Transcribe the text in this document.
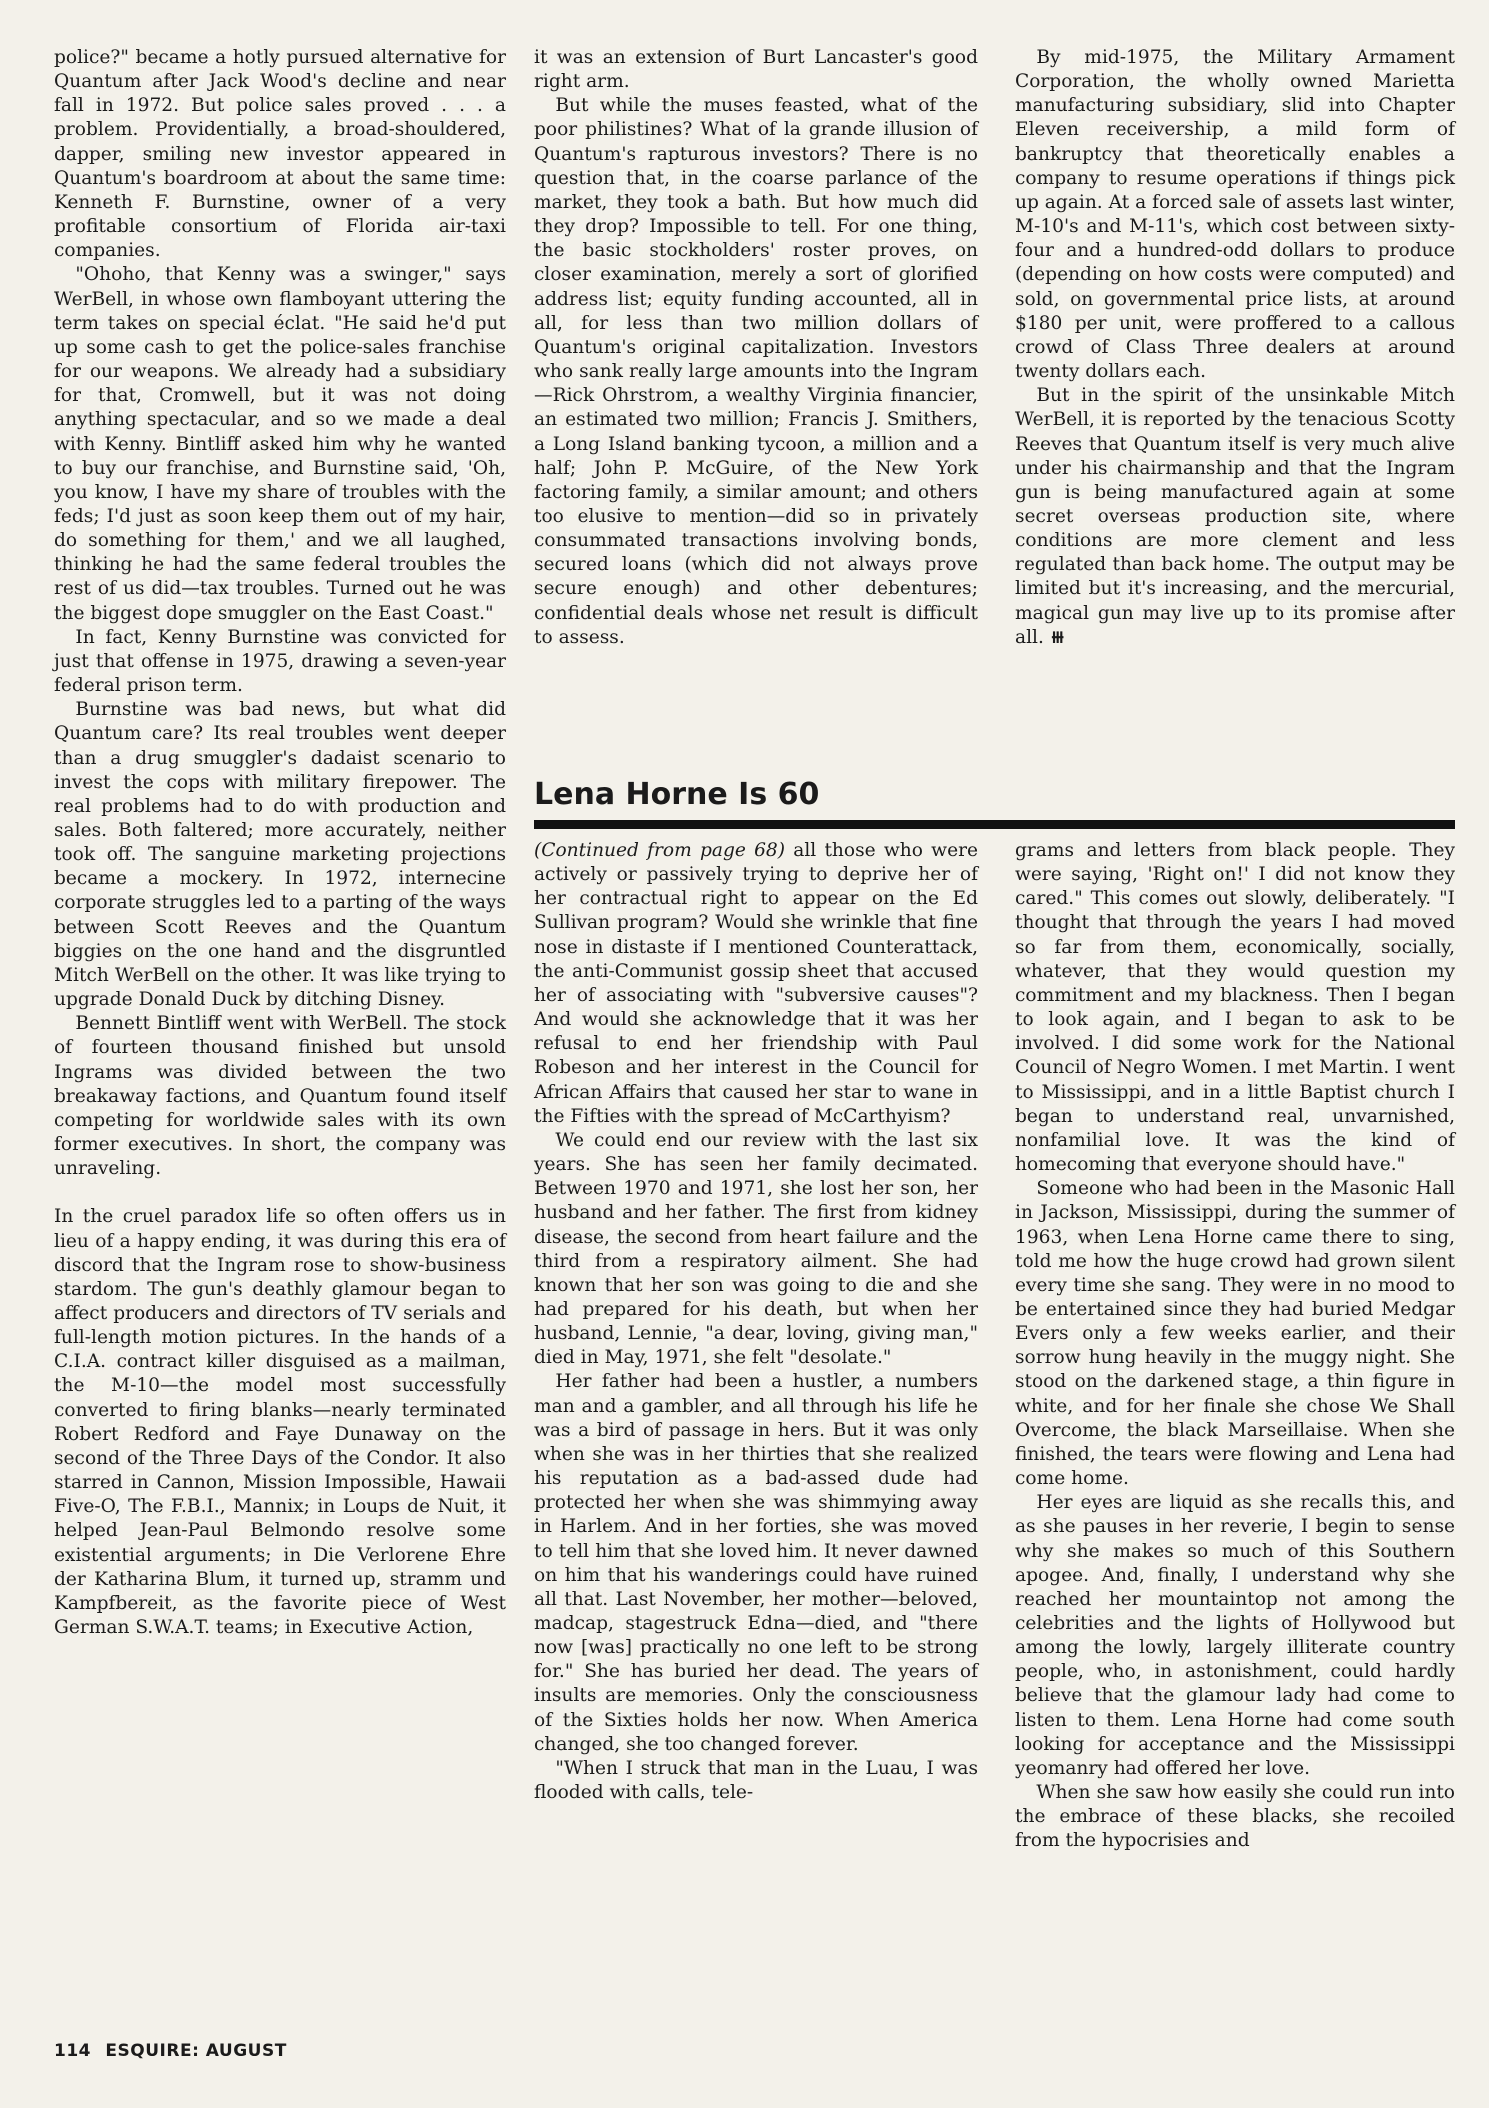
police?" became a hotly pursued alternative for Quantum after Jack Wood's decline and near fall in 1972. But police sales proved . . . a problem. Providentially, a broad-shouldered, dapper, smiling new investor appeared in Quantum's boardroom at about the same time: Kenneth F. Burnstine, owner of a very profitable consortium of Florida air-taxi companies.

"Ohoho, that Kenny was a swinger," says WerBell, in whose own flamboyant uttering the term takes on special éclat. "He said he'd put up some cash to get the police-sales franchise for our weapons. We already had a subsidiary for that, Cromwell, but it was not doing anything spectacular, and so we made a deal with Kenny. Bintliff asked him why he wanted to buy our franchise, and Burnstine said, 'Oh, you know, I have my share of troubles with the feds; I'd just as soon keep them out of my hair, do something for them,' and we all laughed, thinking he had the same federal troubles the rest of us did—tax troubles. Turned out he was the biggest dope smuggler on the East Coast."

In fact, Kenny Burnstine was convicted for just that offense in 1975, drawing a seven-year federal prison term.

Burnstine was bad news, but what did Quantum care? Its real troubles went deeper than a drug smuggler's dadaist scenario to invest the cops with military firepower. The real problems had to do with production and sales. Both faltered; more accurately, neither took off. The sanguine marketing projections became a mockery. In 1972, internecine corporate struggles led to a parting of the ways between Scott Reeves and the Quantum biggies on the one hand and the disgruntled Mitch WerBell on the other. It was like trying to upgrade Donald Duck by ditching Disney.

Bennett Bintliff went with WerBell. The stock of fourteen thousand finished but unsold Ingrams was divided between the two breakaway factions, and Quantum found itself competing for worldwide sales with its own former executives. In short, the company was unraveling.

In the cruel paradox life so often offers us in lieu of a happy ending, it was during this era of discord that the Ingram rose to show-business stardom. The gun's deathly glamour began to affect producers and directors of TV serials and full-length motion pictures. In the hands of a C.I.A. contract killer disguised as a mailman, the M-10—the model most successfully converted to firing blanks—nearly terminated Robert Redford and Faye Dunaway on the second of the Three Days of the Condor. It also starred in Cannon, Mission Impossible, Hawaii Five-O, The F.B.I., Mannix; in Loups de Nuit, it helped Jean-Paul Belmondo resolve some existential arguments; in Die Verlorene Ehre der Katharina Blum, it turned up, stramm und Kampfbereit, as the favorite piece of West German S.W.A.T. teams; in Executive Action,

it was an extension of Burt Lancaster's good right arm.

But while the muses feasted, what of the poor philistines? What of la grande illusion of Quantum's rapturous investors? There is no question that, in the coarse parlance of the market, they took a bath. But how much did they drop? Impossible to tell. For one thing, the basic stockholders' roster proves, on closer examination, merely a sort of glorified address list; equity funding accounted, all in all, for less than two million dollars of Quantum's original capitalization. Investors who sank really large amounts into the Ingram—Rick Ohrstrom, a wealthy Virginia financier, an estimated two million; Francis J. Smithers, a Long Island banking tycoon, a million and a half; John P. McGuire, of the New York factoring family, a similar amount; and others too elusive to mention—did so in privately consummated transactions involving bonds, secured loans (which did not always prove secure enough) and other debentures; confidential deals whose net result is difficult to assess.

By mid-1975, the Military Armament Corporation, the wholly owned Marietta manufacturing subsidiary, slid into Chapter Eleven receivership, a mild form of bankruptcy that theoretically enables a company to resume operations if things pick up again. At a forced sale of assets last winter, M-10's and M-11's, which cost between sixty-four and a hundred-odd dollars to produce (depending on how costs were computed) and sold, on governmental price lists, at around $180 per unit, were proffered to a callous crowd of Class Three dealers at around twenty dollars each.

But in the spirit of the unsinkable Mitch WerBell, it is reported by the tenacious Scotty Reeves that Quantum itself is very much alive under his chairmanship and that the Ingram gun is being manufactured again at some secret overseas production site, where conditions are more clement and less regulated than back home. The output may be limited but it's increasing, and the mercurial, magical gun may live up to its promise after all. ⧻

Lena Horne Is 60

(Continued from page 68) all those who were actively or passively trying to deprive her of her contractual right to appear on the Ed Sullivan program? Would she wrinkle that fine nose in distaste if I mentioned Counterattack, the anti-Communist gossip sheet that accused her of associating with "subversive causes"? And would she acknowledge that it was her refusal to end her friendship with Paul Robeson and her interest in the Council for African Affairs that caused her star to wane in the Fifties with the spread of McCarthyism?

We could end our review with the last six years. She has seen her family decimated. Between 1970 and 1971, she lost her son, her husband and her father. The first from kidney disease, the second from heart failure and the third from a respiratory ailment. She had known that her son was going to die and she had prepared for his death, but when her husband, Lennie, "a dear, loving, giving man," died in May, 1971, she felt "desolate."

Her father had been a hustler, a numbers man and a gambler, and all through his life he was a bird of passage in hers. But it was only when she was in her thirties that she realized his reputation as a bad-assed dude had protected her when she was shimmying away in Harlem. And in her forties, she was moved to tell him that she loved him. It never dawned on him that his wanderings could have ruined all that. Last November, her mother—beloved, madcap, stagestruck Edna—died, and "there now [was] practically no one left to be strong for." She has buried her dead. The years of insults are memories. Only the consciousness of the Sixties holds her now. When America changed, she too changed forever.

"When I struck that man in the Luau, I was flooded with calls, tele-

grams and letters from black people. They were saying, 'Right on!' I did not know they cared." This comes out slowly, deliberately. "I thought that through the years I had moved so far from them, economically, socially, whatever, that they would question my commitment and my blackness. Then I began to look again, and I began to ask to be involved. I did some work for the National Council of Negro Women. I met Martin. I went to Mississippi, and in a little Baptist church I began to understand real, unvarnished, nonfamilial love. It was the kind of homecoming that everyone should have."

Someone who had been in the Masonic Hall in Jackson, Mississippi, during the summer of 1963, when Lena Horne came there to sing, told me how the huge crowd had grown silent every time she sang. They were in no mood to be entertained since they had buried Medgar Evers only a few weeks earlier, and their sorrow hung heavily in the muggy night. She stood on the darkened stage, a thin figure in white, and for her finale she chose We Shall Overcome, the black Marseillaise. When she finished, the tears were flowing and Lena had come home.

Her eyes are liquid as she recalls this, and as she pauses in her reverie, I begin to sense why she makes so much of this Southern apogee. And, finally, I understand why she reached her mountaintop not among the celebrities and the lights of Hollywood but among the lowly, largely illiterate country people, who, in astonishment, could hardly believe that the glamour lady had come to listen to them. Lena Horne had come south looking for acceptance and the Mississippi yeomanry had offered her love.

When she saw how easily she could run into the embrace of these blacks, she recoiled from the hypocrisies and

114 ESQUIRE: AUGUST
